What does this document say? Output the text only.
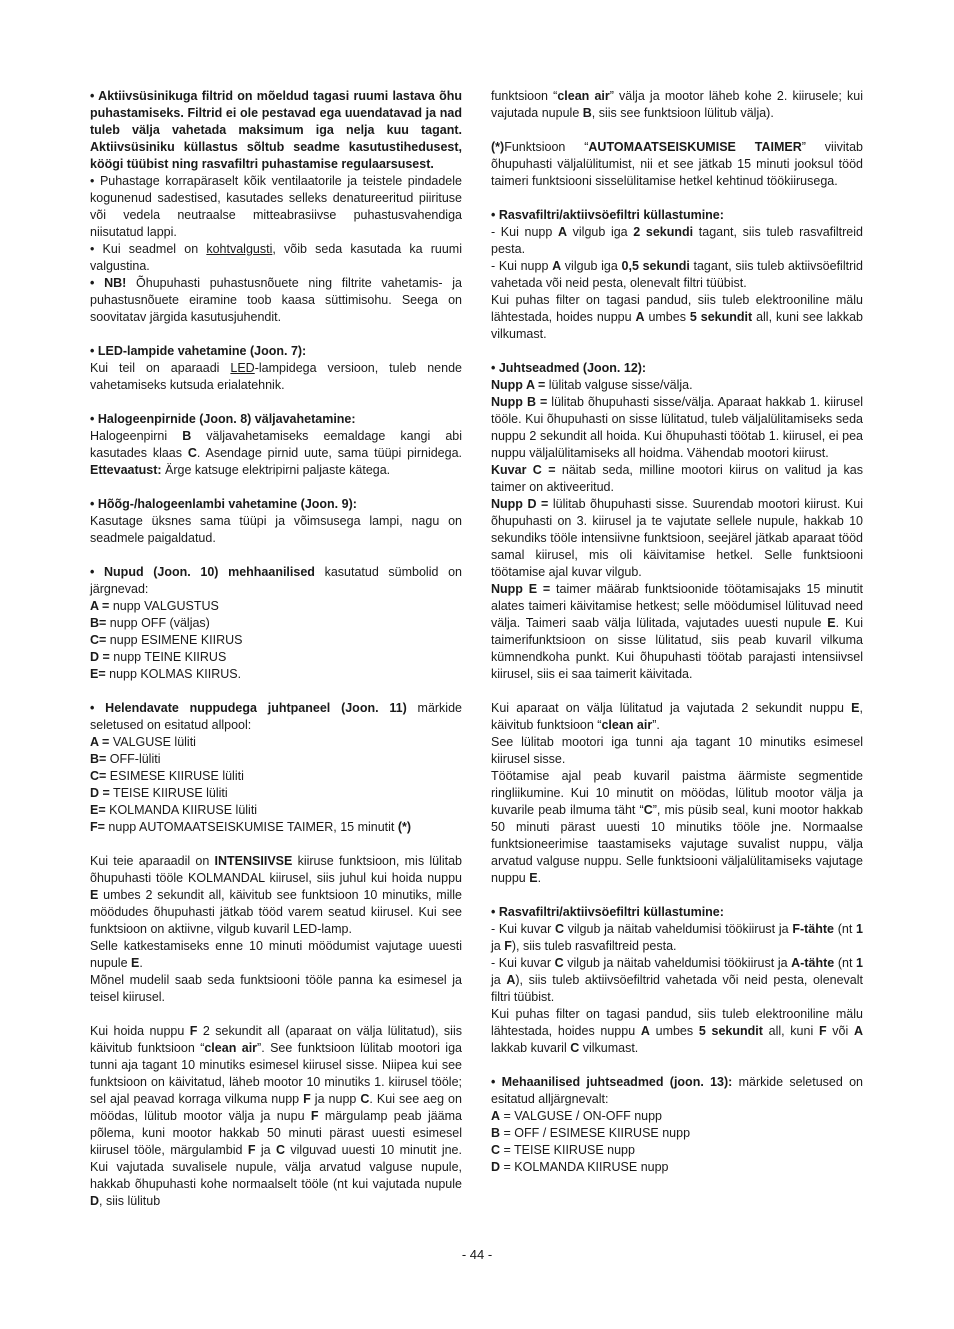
• Aktiivsüsinikuga filtrid on mõeldud tagasi ruumi lastava õhu puhastamiseks. Filtrid ei ole pestavad ega uuendatavad ja nad tuleb välja vahetada maksimum iga nelja kuu tagant. Aktiivsüsiniku küllastus sõltub seadme kasutustihedusest, köögi tüübist ning rasvafiltri puhastamise regulaarsusest.

• Puhastage korrapäraselt kõik ventilaatorile ja teistele pindadele kogunenud sadestised, kasutades selleks denatureeritud piirituse või vedela neutraalse mitteabrasiivse puhastusvahendiga niisutatud lappi.

• Kui seadmel on kohtvalgusti, võib seda kasutada ka ruumi valgustina.

• NB! Õhupuhasti puhastusnõuete ning filtrite vahetamis- ja puhastusnõuete eiramine toob kaasa süttimisohu. Seega on soovitatav järgida kasutusjuhendit.

• LED-lampide vahetamine (Joon. 7):

Kui teil on aparaadi LED-lampidega versioon, tuleb nende vahetamiseks kutsuda erialatehnik.

• Halogeenpirnide (Joon. 8) väljavahetamine:

Halogeenpirni B väljavahetamiseks eemaldage kangi abi kasutades klaas C. Asendage pirnid uute, sama tüüpi pirnidega. Ettevaatust: Ärge katsuge elektripirni paljaste kätega.

• Hõõg-/halogeenlambi vahetamine (Joon. 9):

Kasutage üksnes sama tüüpi ja võimsusega lampi, nagu on seadmele paigaldatud.

• Nupud (Joon. 10) mehhaanilised kasutatud sümbolid on järgnevad:

A = nupp VALGUSTUS

B= nupp OFF (väljas)

C= nupp ESIMENE KIIRUS

D = nupp TEINE KIIRUS

E= nupp KOLMAS KIIRUS.

• Helendavate nuppudega juhtpaneel (Joon. 11) märkide seletused on esitatud allpool:

A = VALGUSE lüliti

B= OFF-lüliti

C= ESIMESE KIIRUSE lüliti

D = TEISE KIIRUSE lüliti

E= KOLMANDA KIIRUSE lüliti

F= nupp AUTOMAATSEISKUMISE TAIMER, 15 minutit (*)

Kui teie aparaadil on INTENSIIVSE kiiruse funktsioon, mis lülitab õhupuhasti tööle KOLMANDAL kiirusel, siis juhul kui hoida nuppu E umbes 2 sekundit all, käivitub see funktsioon 10 minutiks, mille möödudes õhupuhasti jätkab tööd varem seatud kiirusel. Kui see funktsioon on aktiivne, vilgub kuvaril LED-lamp.

Selle katkestamiseks enne 10 minuti möödumist vajutage uuesti nupule E.

Mõnel mudelil saab seda funktsiooni tööle panna ka esimesel ja teisel kiirusel.

Kui hoida nuppu F 2 sekundit all (aparaat on välja lülitatud), siis käivitub funktsioon “clean air”. See funktsioon lülitab mootori iga tunni aja tagant 10 minutiks esimesel kiirusel sisse. Niipea kui see funktsioon on käivitatud, läheb mootor 10 minutiks 1. kiirusel tööle; sel ajal peavad korraga vilkuma nupp F ja nupp C. Kui see aeg on möödas, lülitub mootor välja ja nupu F märgulamp peab jääma põlema, kuni mootor hakkab 50 minuti pärast uuesti esimesel kiirusel tööle, märgulambid F ja C vilguvad uuesti 10 minutit jne. Kui vajutada suvalisele nupule, välja arvatud valguse nupule, hakkab õhupuhasti kohe normaalselt tööle (nt kui vajutada nupule D, siis lülitub

funktsioon “clean air” välja ja mootor läheb kohe 2. kiirusele; kui vajutada nupule B, siis see funktsioon lülitub välja).

(*)Funktsioon “AUTOMAATSEISKUMISE TAIMER” viivitab õhupuhasti väljalülitumist, nii et see jätkab 15 minuti jooksul tööd taimeri funktsiooni sisselülitamise hetkel kehtinud töökiirusega.

• Rasvafiltri/aktiivsöefiltri küllastumine:

- Kui nupp A vilgub iga 2 sekundi tagant, siis tuleb rasvafiltreid pesta.

- Kui nupp A vilgub iga 0,5 sekundi tagant, siis tuleb aktiivsöefiltrid vahetada või neid pesta, olenevalt filtri tüübist.

Kui puhas filter on tagasi pandud, siis tuleb elektrooniline mälu lähtestada, hoides nuppu A umbes 5 sekundit all, kuni see lakkab vilkumast.

• Juhtseadmed (Joon. 12):

Nupp A = lülitab valguse sisse/välja.

Nupp B = lülitab õhupuhasti sisse/välja. Aparaat hakkab 1. kiirusel tööle. Kui õhupuhasti on sisse lülitatud, tuleb väljalülitamiseks seda nuppu 2 sekundit all hoida. Kui õhupuhasti töötab 1. kiirusel, ei pea nuppu väljalülitamiseks all hoidma. Vähendab mootori kiirust.

Kuvar C = näitab seda, milline mootori kiirus on valitud ja kas taimer on aktiveeritud.

Nupp D = lülitab õhupuhasti sisse. Suurendab mootori kiirust. Kui õhupuhasti on 3. kiirusel ja te vajutate sellele nupule, hakkab 10 sekundiks tööle intensiivne funktsioon, seejärel jätkab aparaat tööd samal kiirusel, mis oli käivitamise hetkel. Selle funktsiooni töötamise ajal kuvar vilgub.

Nupp E = taimer määrab funktsioonide töötamisajaks 15 minutit alates taimeri käivitamise hetkest; selle möödumisel lülituvad need välja. Taimeri saab välja lülitada, vajutades uuesti nupule E. Kui taimerifunktsioon on sisse lülitatud, siis peab kuvaril vilkuma kümnendkoha punkt. Kui õhupuhasti töötab parajasti intensiivsel kiirusel, siis ei saa taimerit käivitada.

Kui aparaat on välja lülitatud ja vajutada 2 sekundit nuppu E, käivitub funktsioon “clean air”.

See lülitab mootori iga tunni aja tagant 10 minutiks esimesel kiirusel sisse.

Töötamise ajal peab kuvaril paistma äärmiste segmentide ringliikumine. Kui 10 minutit on möödas, lülitub mootor välja ja kuvarile peab ilmuma täht “C”, mis püsib seal, kuni mootor hakkab 50 minuti pärast uuesti 10 minutiks tööle jne. Normaalse funktsioneerimise taastamiseks vajutage suvalist nuppu, välja arvatud valguse nuppu. Selle funktsiooni väljalülitamiseks vajutage nuppu E.

• Rasvafiltri/aktiivsöefiltri küllastumine:

- Kui kuvar C vilgub ja näitab vaheldumisi töökiirust ja F-tähte (nt 1 ja F), siis tuleb rasvafiltreid pesta.

- Kui kuvar C vilgub ja näitab vaheldumisi töökiirust ja A-tähte (nt 1 ja A), siis tuleb aktiivsöefiltrid vahetada või neid pesta, olenevalt filtri tüübist.

Kui puhas filter on tagasi pandud, siis tuleb elektrooniline mälu lähtestada, hoides nuppu A umbes 5 sekundit all, kuni F või A lakkab kuvaril C vilkumast.

• Mehaanilised juhtseadmed (joon. 13): märkide seletused on esitatud alljärgnevalt:

A = VALGUSE / ON-OFF nupp

B = OFF / ESIMESE KIIRUSE nupp

C = TEISE KIIRUSE nupp

D = KOLMANDA KIIRUSE nupp

- 44 -
